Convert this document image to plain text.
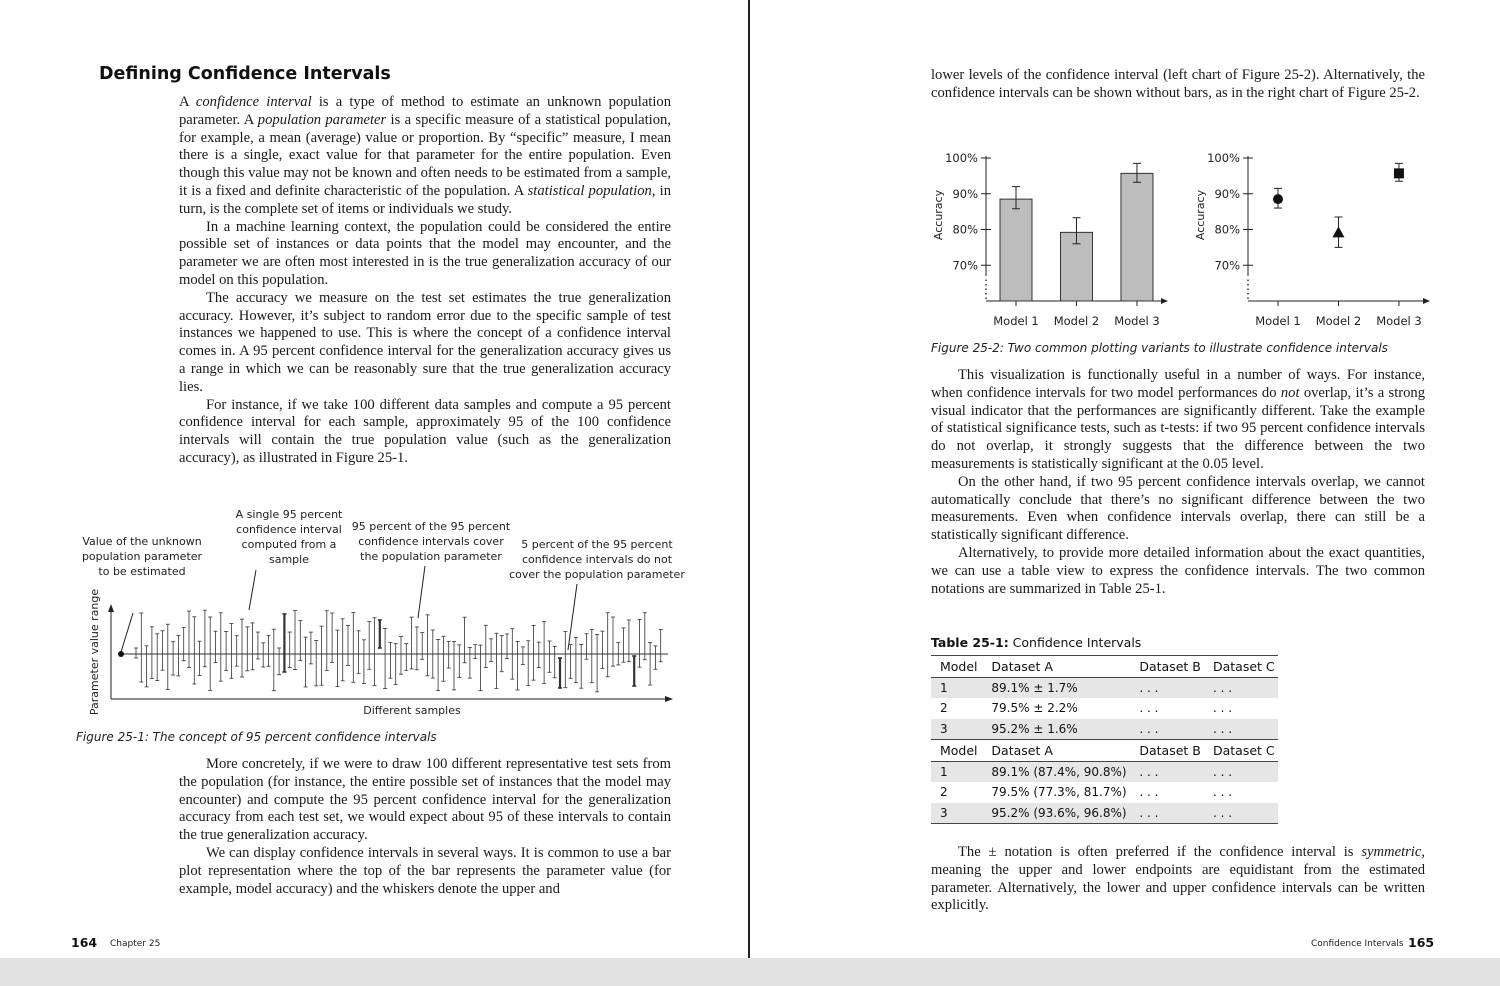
Defining Confidence Intervals

A confidence interval is a type of method to estimate an unknown population parameter. A population parameter is a specific measure of a statistical population, for example, a mean (average) value or proportion. By “specific” measure, I mean there is a single, exact value for that parameter for the entire population. Even though this value may not be known and often needs to be estimated from a sample, it is a fixed and definite characteristic of the population. A statistical population, in turn, is the complete set of items or individuals we study.

In a machine learning context, the population could be considered the entire possible set of instances or data points that the model may encounter, and the parameter we are often most interested in is the true generalization accuracy of our model on this population.

The accuracy we measure on the test set estimates the true generalization accuracy. However, it’s subject to random error due to the specific sample of test instances we happened to use. This is where the concept of a confidence interval comes in. A 95 percent confidence interval for the generalization accuracy gives us a range in which we can be reasonably sure that the true generalization accuracy lies.

For instance, if we take 100 different data samples and compute a 95 percent confidence interval for each sample, approximately 95 of the 100 confidence intervals will contain the true population value (such as the generalization accuracy), as illustrated in Figure 25-1.

Value of the unknown
population parameter
to be estimated
A single 95 percent
confidence interval
computed from a
sample
95 percent of the 95 percent
confidence intervals cover
the population parameter
5 percent of the 95 percent
confidence intervals do not
cover the population parameter
Parameter value range	Different samples
Figure 25-1: The concept of 95 percent confidence intervals

More concretely, if we were to draw 100 different representative test sets from the population (for instance, the entire possible set of instances that the model may encounter) and compute the 95 percent confidence interval for the generalization accuracy from each test set, we would expect about 95 of these intervals to contain the true generalization accuracy.

We can display confidence intervals in several ways. It is common to use a bar plot representation where the top of the bar represents the parameter value (for example, model accuracy) and the whiskers denote the upper and

164 Chapter 25

lower levels of the confidence interval (left chart of Figure 25-2). Alternatively, the confidence intervals can be shown without bars, as in the right chart of Figure 25-2.

70%
80%
90%
100%
Accuracy
Model 1 Model 2 Model 3
70%
80%
90%
100%
Accuracy
Model 1 Model 2 Model 3
Figure 25-2: Two common plotting variants to illustrate confidence intervals

This visualization is functionally useful in a number of ways. For instance, when confidence intervals for two model performances do not overlap, it’s a strong visual indicator that the performances are significantly different. Take the example of statistical significance tests, such as t-tests: if two 95 percent confidence intervals do not overlap, it strongly suggests that the difference between the two measurements is statistically significant at the 0.05 level.

On the other hand, if two 95 percent confidence intervals overlap, we cannot automatically conclude that there’s no significant difference between the two measurements. Even when confidence intervals overlap, there can still be a statistically significant difference.

Alternatively, to provide more detailed information about the exact quantities, we can use a table view to express the confidence intervals. The two common notations are summarized in Table 25-1.

The ± notation is often preferred if the confidence interval is symmetric, meaning the upper and lower endpoints are equidistant from the estimated parameter. Alternatively, the lower and upper confidence intervals can be written explicitly.

Confidence Intervals 165
Table 25-1: Confidence Intervals
Model	Dataset A	Dataset B	Dataset C
1	89.1% ± 1.7%	. . .	. . .
2	79.5% ± 2.2%	. . .	. . .
3	95.2% ± 1.6%	. . .	. . .
Model	Dataset A	Dataset B	Dataset C
1	89.1% (87.4%, 90.8%)	. . .	. . .
2	79.5% (77.3%, 81.7%)	. . .	. . .
3	95.2% (93.6%, 96.8%)	. . .	. . .
